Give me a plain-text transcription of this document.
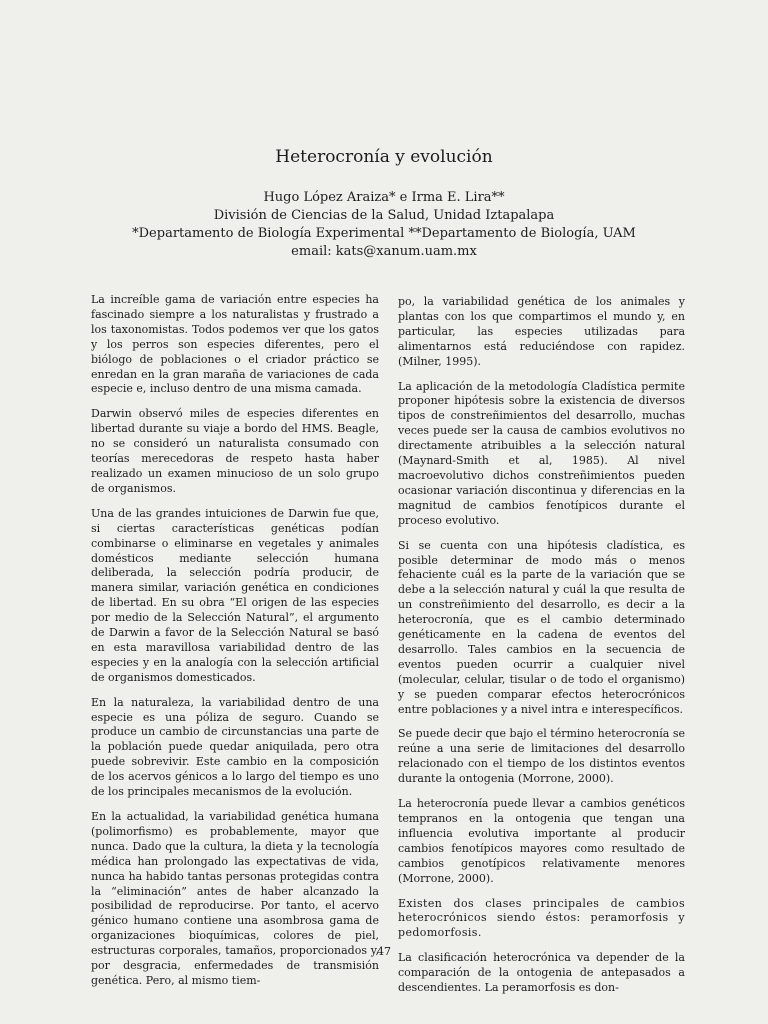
Heterocronía y evolución
Hugo López Araiza* e Irma E. Lira**
División de Ciencias de la Salud, Unidad Iztapalapa
*Departamento de Biología Experimental **Departamento de Biología, UAM
email: kats@xanum.uam.mx

La increíble gama de variación entre especies ha fascinado siempre a los naturalistas y frustrado a los taxonomistas. Todos podemos ver que los gatos y los perros son especies diferentes, pero el biólogo de poblaciones o el criador práctico se enredan en la gran maraña de variaciones de cada especie e, incluso dentro de una misma camada.

Darwin observó miles de especies diferentes en libertad durante su viaje a bordo del HMS. Beagle, no se consideró un naturalista consumado con teorías merecedoras de respeto hasta haber realizado un examen minucioso de un solo grupo de organismos.

Una de las grandes intuiciones de Darwin fue que, si ciertas características genéticas podían combinarse o eliminarse en vegetales y animales domésticos mediante selección humana deliberada, la selección podría producir, de manera similar, variación genética en condiciones de libertad. En su obra “El origen de las especies por medio de la Selección Natural”, el argumento de Darwin a favor de la Selección Natural se basó en esta maravillosa variabilidad dentro de las especies y en la analogía con la selección artificial de organismos domesticados.

En la naturaleza, la variabilidad dentro de una especie es una póliza de seguro. Cuando se produce un cambio de circunstancias una parte de la población puede quedar aniquilada, pero otra puede sobrevivir. Este cambio en la composición de los acervos génicos a lo largo del tiempo es uno de los principales mecanismos de la evolución.

En la actualidad, la variabilidad genética humana (polimorfismo) es probablemente, mayor que nunca. Dado que la cultura, la dieta y la tecnología médica han prolongado las expectativas de vida, nunca ha habido tantas personas protegidas contra la “eliminación” antes de haber alcanzado la posibilidad de reproducirse. Por tanto, el acervo génico humano contiene una asombrosa gama de organizaciones bioquímicas, colores de piel, estructuras corporales, tamaños, proporcionados y, por desgracia, enfermedades de transmisión genética. Pero, al mismo tiem-

po, la variabilidad genética de los animales y plantas con los que compartimos el mundo y, en particular, las especies utilizadas para alimentarnos está reduciéndose con rapidez. (Milner, 1995).

La aplicación de la metodología Cladística permite proponer hipótesis sobre la existencia de diversos tipos de constreñimientos del desarrollo, muchas veces puede ser la causa de cambios evolutivos no directamente atribuibles a la selección natural (Maynard-Smith et al, 1985). Al nivel macroevolutivo dichos constreñimientos pueden ocasionar variación discontinua y diferencias en la magnitud de cambios fenotípicos durante el proceso evolutivo.

Si se cuenta con una hipótesis cladística, es posible determinar de modo más o menos fehaciente cuál es la parte de la variación que se debe a la selección natural y cuál la que resulta de un constreñimiento del desarrollo, es decir a la heterocronía, que es el cambio determinado genéticamente en la cadena de eventos del desarrollo. Tales cambios en la secuencia de eventos pueden ocurrir a cualquier nivel (molecular, celular, tisular o de todo el organismo) y se pueden comparar efectos heterocrónicos entre poblaciones y a nivel intra e interespecíficos.

Se puede decir que bajo el término heterocronía se reúne a una serie de limitaciones del desarrollo relacionado con el tiempo de los distintos eventos durante la ontogenia (Morrone, 2000).

La heterocronía puede llevar a cambios genéticos tempranos en la ontogenia que tengan una influencia evolutiva importante al producir cambios fenotípicos mayores como resultado de cambios genotípicos relativamente menores (Morrone, 2000).

Existen dos clases principales de cambios heterocrónicos siendo éstos: peramorfosis y pedomorfosis.

La clasificación heterocrónica va depender de la comparación de la ontogenia de antepasados a descendientes. La peramorfosis es don-

47
